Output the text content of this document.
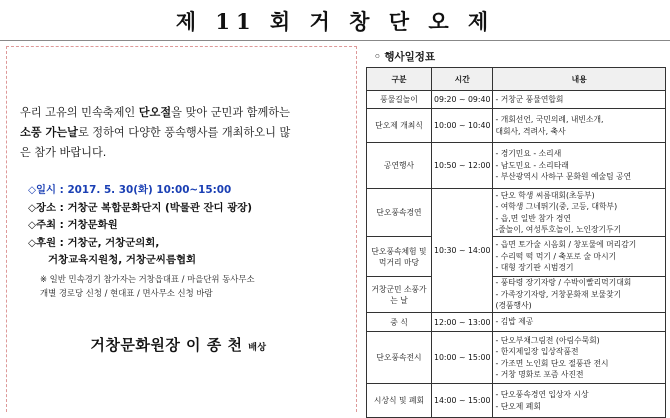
제 11 회 거 창 단 오 제
우리 고유의 민속축제인 단오절을 맞아 군민과 함께하는
소풍 가는날로 정하여 다양한 풍속행사를 개최하오니 많
은 참가 바랍니다.
◇일시 : 2017. 5. 30(화) 10:00~15:00
◇장소 : 거창군 복합문화단지 (박물관 잔디 광장)
◇주최 : 거창문화원
◇후원 : 거창군, 거창군의회,
거창교육지원청, 거창군씨름협회
※ 일반 민속경기 참가자는 거창읍대표 / 마을단위 동사무소
개별 경로당 신청 / 현대표 / 면사무소 신청 바람
거창문화원장 이 종 천 배상
◦ 행사일정표
구분	시간	내용
풍물길놀이	09:20 ~ 09:40	- 거창군 풍물연합회

단오제 개최식	10:00 ~ 10:40	- 개회선언, 국민의례, 내빈소개,
대회사, 격려사, 축사

공연행사	10:50 ~ 12:00	- 경기민요 - 소리새
- 남도민요 - 소리타래
- 부산광역시 사하구 문화원 예술팀 공연

단오풍속경연	10:30 ~ 14:00	- 단오 학생 씨름대회(초등부)
- 여학생 그네뛰기(중, 고등, 대학부)
- 읍,면 일반 참가 경연
-줄놀이, 여성투호놀이, 노인장기두기

단오풍속체험 및 먹거리 마당		- 읍면 토가술 시음회 / 창포물에 머리감기
- 수리떡 떡 먹기 / 축포로 술 마시기
- 대형 장기판 시범경기

거창군민 소풍가는 날		- 풍타령 장기자랑 / 수박이빨리먹기대회
- 가족장기자랑, 거창문화재 보물찾기
(경품행사)

중 식	12:00 ~ 13:00	- 김밥 제공

단오풍속전시	10:00 ~ 15:00	- 단오부채그림전 (아림수묵회)
- 한지제일장 입상작품전
- 가조면 노인회 단오 절풍관 전시
- 거창 명화로 포즘 사진전

시상식 및 폐회	14:00 ~ 15:00	- 단오풍속경연 입상자 시상
- 단오제 폐회
